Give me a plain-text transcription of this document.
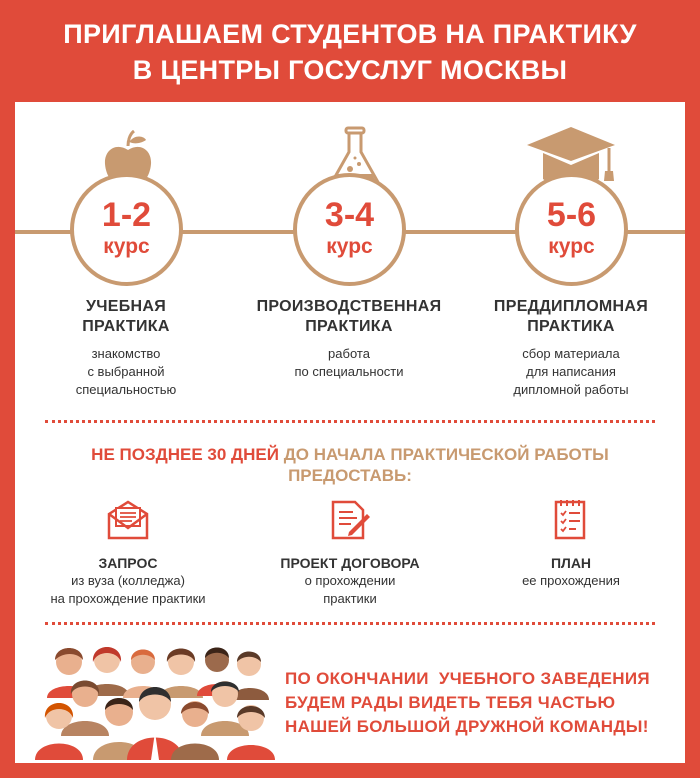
ПРИГЛАШАЕМ СТУДЕНТОВ НА ПРАКТИКУ
В ЦЕНТРЫ ГОСУСЛУГ МОСКВЫ
1-2
курс
3-4
курс
5-6
курс
УЧЕБНАЯ
ПРАКТИКА
знакомство
с выбранной
специальностью
ПРОИЗВОДСТВЕННАЯ
ПРАКТИКА
работа
по специальности
ПРЕДДИПЛОМНАЯ
ПРАКТИКА
сбор материала
для написания
дипломной работы
НЕ ПОЗДНЕЕ 30 ДНЕЙ ДО НАЧАЛА ПРАКТИЧЕСКОЙ РАБОТЫ
ПРЕДОСТАВЬ:
ЗАПРОС
из вуза (колледжа)
на прохождение практики
ПРОЕКТ ДОГОВОРА
о прохождении
практики
ПЛАН
ее прохождения
ПО ОКОНЧАНИИ  УЧЕБНОГО ЗАВЕДЕНИЯ
БУДЕМ РАДЫ ВИДЕТЬ ТЕБЯ ЧАСТЬЮ
НАШЕЙ БОЛЬШОЙ ДРУЖНОЙ КОМАНДЫ!
